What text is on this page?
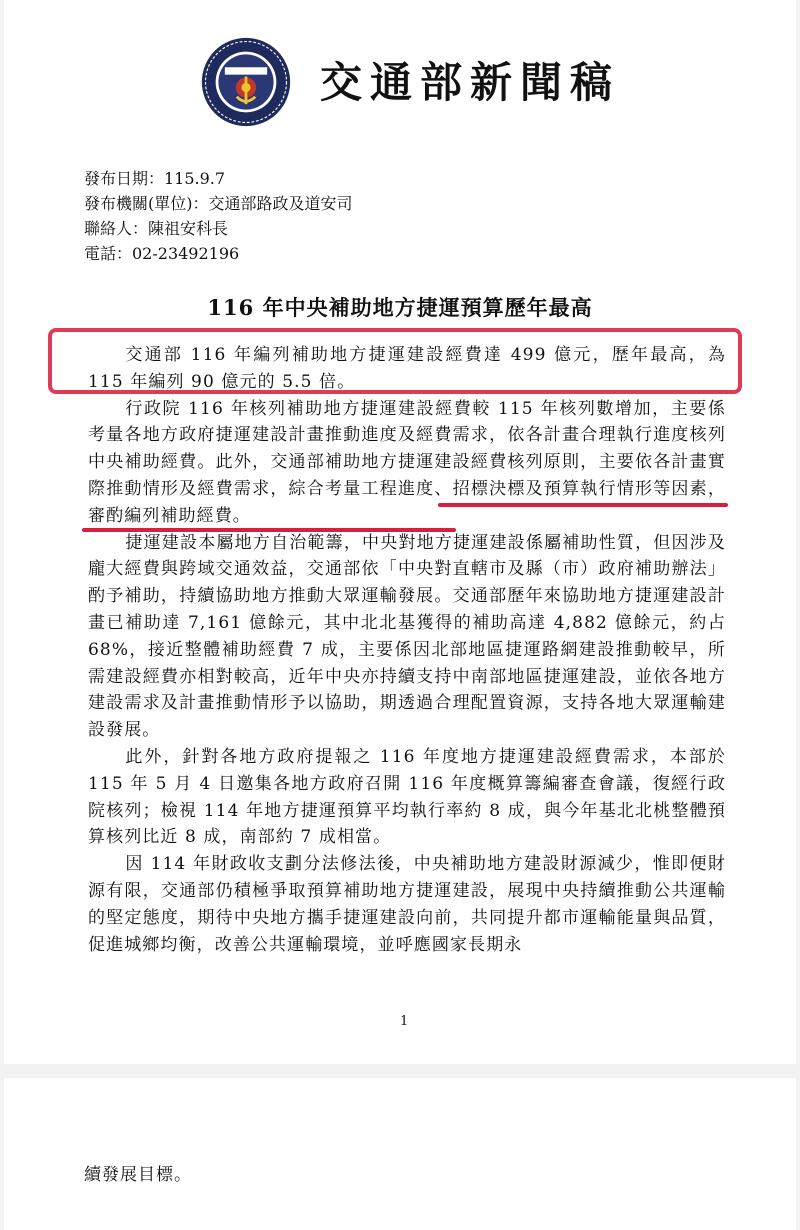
交通部新聞稿
發布日期：115.9.7
發布機關(單位)：交通部路政及道安司
聯絡人：陳祖安科長
電話：02-23492196
116 年中央補助地方捷運預算歷年最高

交通部 116 年編列補助地方捷運建設經費達 499 億元，歷年最高，為 115 年編列 90 億元的 5.5 倍。

行政院 116 年核列補助地方捷運建設經費較 115 年核列數增加，主要係考量各地方政府捷運建設計畫推動進度及經費需求，依各計畫合理執行進度核列中央補助經費。此外，交通部補助地方捷運建設經費核列原則，主要依各計畫實際推動情形及經費需求，綜合考量工程進度、招標決標及預算執行情形等因素，審酌編列補助經費。

捷運建設本屬地方自治範籌，中央對地方捷運建設係屬補助性質，但因涉及龐大經費與跨域交通效益，交通部依「中央對直轄市及縣（市）政府補助辦法」酌予補助，持續協助地方推動大眾運輸發展。交通部歷年來協助地方捷運建設計畫已補助達 7,161 億餘元，其中北北基獲得的補助高達 4,882 億餘元，約占 68%，接近整體補助經費 7 成，主要係因北部地區捷運路網建設推動較早，所需建設經費亦相對較高，近年中央亦持續支持中南部地區捷運建設，並依各地方建設需求及計畫推動情形予以協助，期透過合理配置資源，支持各地大眾運輸建設發展。

此外，針對各地方政府提報之 116 年度地方捷運建設經費需求，本部於 115 年 5 月 4 日邀集各地方政府召開 116 年度概算籌編審查會議，復經行政院核列；檢視 114 年地方捷運預算平均執行率約 8 成，與今年基北北桃整體預算核列比近 8 成，南部約 7 成相當。

因 114 年財政收支劃分法修法後，中央補助地方建設財源減少，惟即便財源有限，交通部仍積極爭取預算補助地方捷運建設，展現中央持續推動公共運輸的堅定態度，期待中央地方攜手捷運建設向前，共同提升都市運輸能量與品質，促進城鄉均衡，改善公共運輸環境，並呼應國家長期永

1
續發展目標。
